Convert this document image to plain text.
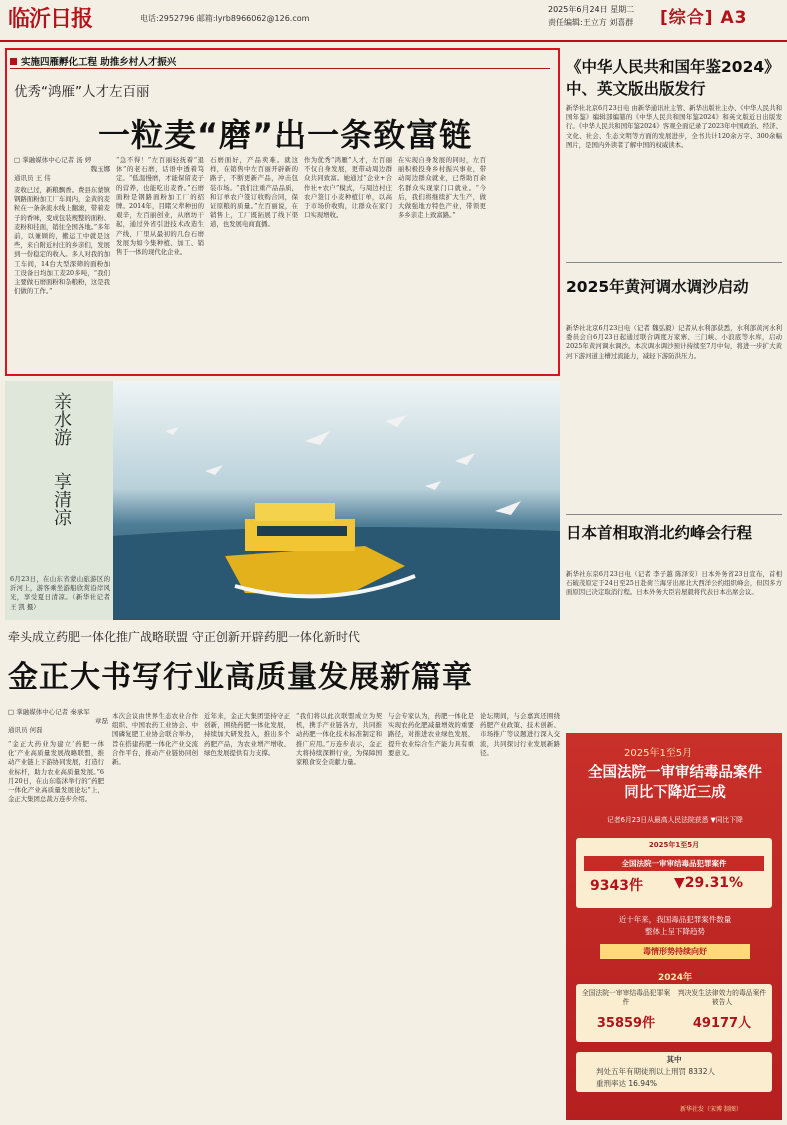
临沂日报	电话:2952796 邮箱:lyrb8966062@126.com
2025年6月24日 星期二
责任编辑:王立方 刘喜群 [综合] A3
实施四雁孵化工程 助推乡村人才振兴
优秀“鸿雁”人才左百丽
一粒麦“磨”出一条致富链
□ 掌融媒体中心记者 汤 婷
魏玉娜
通讯员 王 伟
麦收已过，新粮飘香。费县东蒙镇钢路面粉加工厂车间内，金黄的麦粒在一条条流水线上翻滚，带着麦子的香味，变成包装规整的面粉、麦粉和挂面，销往全国各地。”多年前，以兼顾的，搬运工中就是这些，来自附近村庄的乡亲们，发展到一份稳定的收入。多人对我的加工车间，14台大型深筛的面粉加工设备日均加工麦20多吨，“我们主要做石磨面粉和杂粮粉，这是我们做的工作。”
“急不得！”左百丽轻抚着“退休”的老石磨，话语中透着笃定。“低温慢磨，才能保留麦子的营养，也能吃出麦香。”石磨面粉是钢路面粉加工厂的招牌。2014年，目睹父辈种田的艰辛，左百丽创业，从磨坊干起，通过外省引进技术改造生产线，厂里从最初的几台石磨发展为如今集种植、加工、销售于一体的现代化企业。
石磨面好，产品卖难。就这样，在销售中左百丽开辟新的路子，不断更新产品，冲击包装市场。“我们注重产品品质，和订单农户签订收购合同，保证原粮的质量。”左百丽说，在销售上，工厂既拓展了线下渠道，也发展电商直播。
作为优秀“鸿雁”人才，左百丽不仅自身发展，更带动周边群众共同致富。她通过“企业+合作社+农户”模式，与周边村庄农户签订小麦种植订单，以高于市场价收购，让群众在家门口实现增收。
在实现自身发展的同时，左百丽积极投身乡村振兴事业，带动周边群众就业，已帮助百余名群众实现家门口就业。“今后，我们将继续扩大生产，做大做强地方特色产业，带领更多乡亲走上致富路。”
亲水游
享清凉
6月23日，在山东省蒙山旅游区的沂河上，游客乘坐游船欣赏沿岸风光，享受夏日清凉。（新华社记者 王 凯 摄）
牵头成立药肥一体化推广战略联盟 守正创新开辟药肥一体化新时代
金正大书写行业高质量发展新篇章
□ 掌融媒体中心记者 秦承军
章磊
通讯员 何磊
“金正大药业为建立‘药肥一体化’产业高质量发展战略联盟，推动产业链上下游协同发展，打造行业标杆，助力农业高质量发展。”6月20日，在山东临沭举行的“药肥一体化产业高质量发展论坛”上，金正大集团总裁万连步介绍。
本次会议由世界生态农业合作组织、中国农药工业协会、中国磷复肥工业协会联合举办，旨在搭建药肥一体化产业交流合作平台，推动产业链协同创新。
近年来，金正大集团坚持守正创新，围绕药肥一体化发展，持续加大研发投入，推出多个药肥产品，为农业增产增收、绿色发展提供有力支撑。
“我们将以此次联盟成立为契机，携手产业链各方，共同推动药肥一体化技术标准制定和推广应用。”万连步表示，金正大将持续深耕行业，为保障国家粮食安全贡献力量。
与会专家认为，药肥一体化是实现农药化肥减量增效的重要路径，对推进农业绿色发展、提升农业综合生产能力具有重要意义。
论坛期间，与会嘉宾还围绕药肥产业政策、技术创新、市场推广等议题进行深入交流，共同探讨行业发展新路径。
《中华人民共和国年鉴2024》中、英文版出版发行
新华社北京6月23日电 由新华通讯社主管、新华出版社主办、《中华人民共和国年鉴》编辑部编纂的《中华人民共和国年鉴2024》和英文版近日出版发行。《中华人民共和国年鉴2024》客观全面记录了2023年中国政治、经济、文化、社会、生态文明等方面的发展进步，全书共计120余万字、300余幅图片，是国内外读者了解中国的权威读本。
2025年黄河调水调沙启动
新华社北京6月23日电（记者 魏弘毅）记者从水利部获悉，水利部黄河水利委员会自6月23日起通过联合调度万家寨、三门峡、小浪底等水库，启动2025年黄河调水调沙。本次调水调沙预计持续至7月中旬，将进一步扩大黄河下游河道主槽过流能力，减轻下游防洪压力。
日本首相取消北约峰会行程
新华社东京6月23日电（记者 李子越 陈泽安）日本外务省23日宣布，首相石破茂原定于24日至25日赴荷兰海牙出席北大西洋公约组织峰会，但因多方面原因已决定取消行程。日本外务大臣岩屋毅将代表日本出席会议。
2025年1至5月
全国法院一审审结毒品案件
同比下降近三成
记者6月23日从最高人民法院获悉 ▼同比下降
2025年1至5月
全国法院一审审结毒品犯罪案件
9343件 ▼29.31%
近十年来，我国毒品犯罪案件数量
整体上呈下降趋势
毒情形势持续向好
2024年
全国法院一审审结毒品犯罪案件
判决发生法律效力的毒品案件被告人
35859件	49177人
其中
判处五年有期徒刑以上刑罚 8332人
重刑率达 16.94%
新华社发（宋博 制图）
